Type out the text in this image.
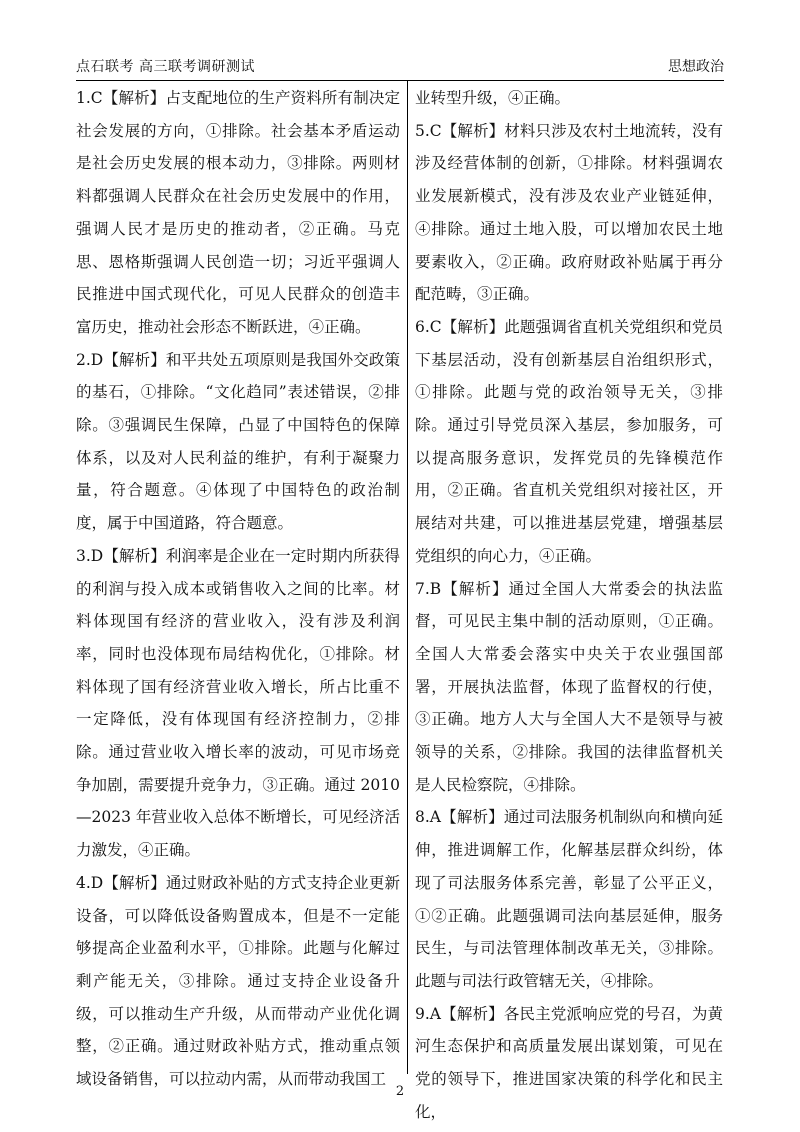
点石联考 高三联考调研测试	思想政治

1.C【解析】占支配地位的生产资料所有制决定社会发展的方向，①排除。社会基本矛盾运动是社会历史发展的根本动力，③排除。两则材料都强调人民群众在社会历史发展中的作用，强调人民才是历史的推动者，②正确。马克思、恩格斯强调人民创造一切；习近平强调人民推进中国式现代化，可见人民群众的创造丰富历史，推动社会形态不断跃进，④正确。

2.D【解析】和平共处五项原则是我国外交政策的基石，①排除。“文化趋同”表述错误，②排除。③强调民生保障，凸显了中国特色的保障体系，以及对人民利益的维护，有利于凝聚力量，符合题意。④体现了中国特色的政治制度，属于中国道路，符合题意。

3.D【解析】利润率是企业在一定时期内所获得的利润与投入成本或销售收入之间的比率。材料体现国有经济的营业收入，没有涉及利润率，同时也没体现布局结构优化，①排除。材料体现了国有经济营业收入增长，所占比重不一定降低，没有体现国有经济控制力，②排除。通过营业收入增长率的波动，可见市场竞争加剧，需要提升竞争力，③正确。通过 2010—2023 年营业收入总体不断增长，可见经济活力激发，④正确。

4.D【解析】通过财政补贴的方式支持企业更新设备，可以降低设备购置成本，但是不一定能够提高企业盈利水平，①排除。此题与化解过剩产能无关，③排除。通过支持企业设备升级，可以推动生产升级，从而带动产业优化调整，②正确。通过财政补贴方式，推动重点领域设备销售，可以拉动内需，从而带动我国工

业转型升级，④正确。

5.C【解析】材料只涉及农村土地流转，没有涉及经营体制的创新，①排除。材料强调农业发展新模式，没有涉及农业产业链延伸，④排除。通过土地入股，可以增加农民土地要素收入，②正确。政府财政补贴属于再分配范畴，③正确。

6.C【解析】此题强调省直机关党组织和党员下基层活动，没有创新基层自治组织形式，①排除。此题与党的政治领导无关，③排除。通过引导党员深入基层，参加服务，可以提高服务意识，发挥党员的先锋模范作用，②正确。省直机关党组织对接社区，开展结对共建，可以推进基层党建，增强基层党组织的向心力，④正确。

7.B【解析】通过全国人大常委会的执法监督，可见民主集中制的活动原则，①正确。全国人大常委会落实中央关于农业强国部署，开展执法监督，体现了监督权的行使，③正确。地方人大与全国人大不是领导与被领导的关系，②排除。我国的法律监督机关是人民检察院，④排除。

8.A【解析】通过司法服务机制纵向和横向延伸，推进调解工作，化解基层群众纠纷，体现了司法服务体系完善，彰显了公平正义，①②正确。此题强调司法向基层延伸，服务民生，与司法管理体制改革无关，③排除。此题与司法行政管辖无关，④排除。

9.A【解析】各民主党派响应党的号召，为黄河生态保护和高质量发展出谋划策，可见在党的领导下，推进国家决策的科学化和民主化，

2
